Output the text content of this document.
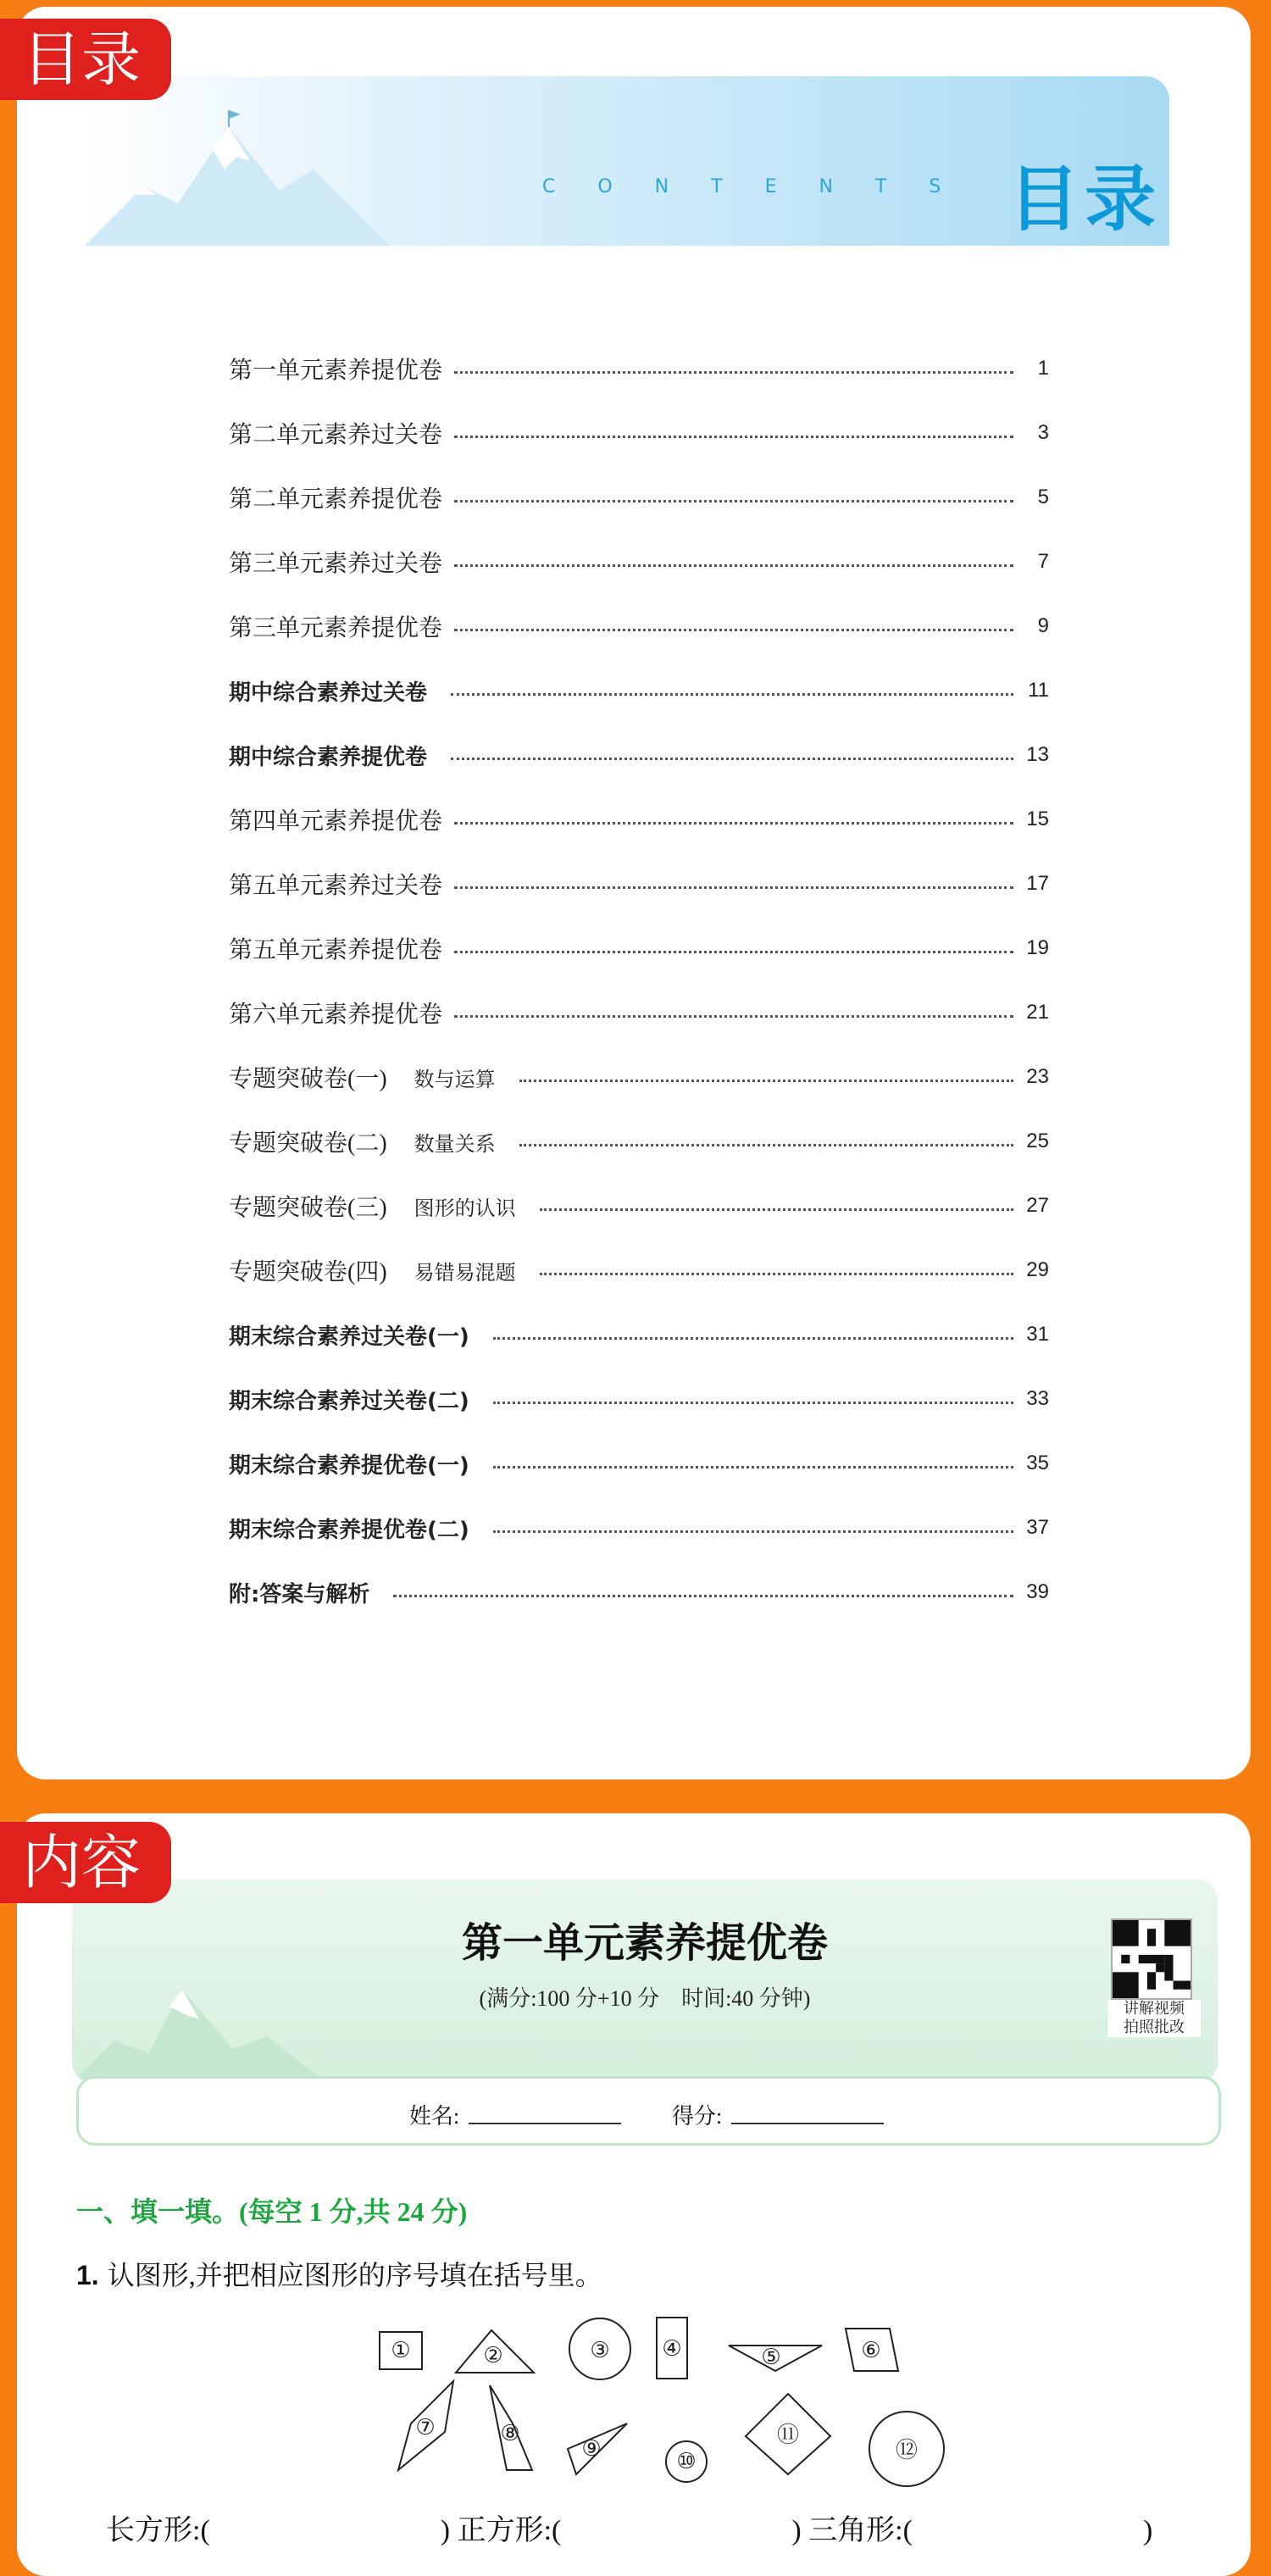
目录
CONTENTS 目录
第一单元素养提优卷	1
第二单元素养过关卷	3
第二单元素养提优卷	5
第三单元素养过关卷	7
第三单元素养提优卷	9
期中综合素养过关卷	11
期中综合素养提优卷	13
第四单元素养提优卷	15
第五单元素养过关卷	17
第五单元素养提优卷	19
第六单元素养提优卷	21
专题突破卷(一) 数与运算	23
专题突破卷(二) 数量关系	25
专题突破卷(三) 图形的认识	27
专题突破卷(四) 易错易混题	29
期末综合素养过关卷(一)	31
期末综合素养过关卷(二)	33
期末综合素养提优卷(一)	35
期末综合素养提优卷(二)	37
附:答案与解析	39
内容
第一单元素养提优卷
(满分:100 分+10 分　时间:40 分钟)	讲解视频
拍照批改
姓名:	得分:
一、填一填。(每空 1 分,共 24 分)
1. 认图形,并把相应图形的序号填在括号里。
①	②	③ ④	⑤	⑥
⑦	⑧
⑨	⑩
⑪
⑫
长方形:(　　　　　　　　) 正方形:(　　　　　　　　) 三角形:(　　　　　　　　)
